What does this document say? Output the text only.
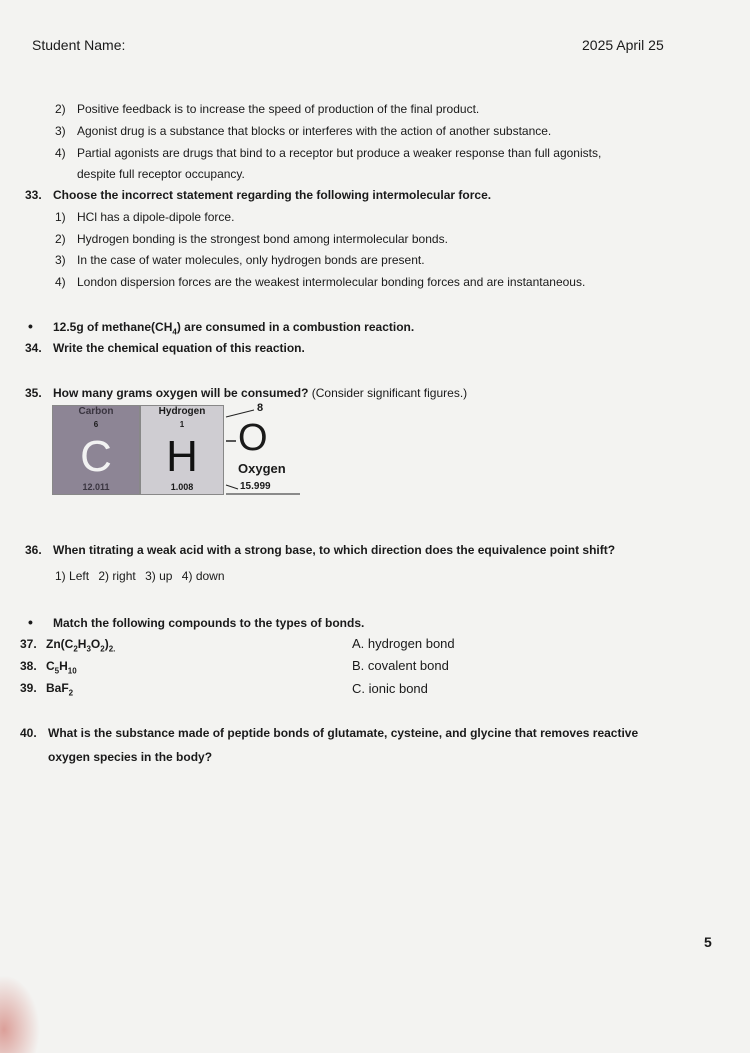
Student Name:	2025 April 25
2) Positive feedback is to increase the speed of production of the final product.
3) Agonist drug is a substance that blocks or interferes with the action of another substance.
4) Partial agonists are drugs that bind to a receptor but produce a weaker response than full agonists,
despite full receptor occupancy.
33. Choose the incorrect statement regarding the following intermolecular force.
1) HCl has a dipole-dipole force.
2) Hydrogen bonding is the strongest bond among intermolecular bonds.
3) In the case of water molecules, only hydrogen bonds are present.
4) London dispersion forces are the weakest intermolecular bonding forces and are instantaneous.
• 12.5g of $methane(CH_4)$ are consumed in a combustion reaction.
34. Write the chemical equation of this reaction.
35. How many grams oxygen will be consumed? (Consider significant figures.)
Carbon
6
C
12.011
Hydrogen
1
H
1.008
8
O
Oxygen
15.999
36. When titrating a weak acid with a strong base, to which direction does the equivalence point shift?
1) Left 2) right 3) up 4) down
• Match the following compounds to the types of bonds.
37. $Zn(C_2H_3O_2)_{2.}$
38. $C_5H_{10}$
39. BaF$_2$
A. hydrogen bond
B. covalent bond
C. ionic bond
40. What is the substance made of peptide bonds of glutamate, cysteine, and glycine that removes reactive
oxygen species in the body?
5
